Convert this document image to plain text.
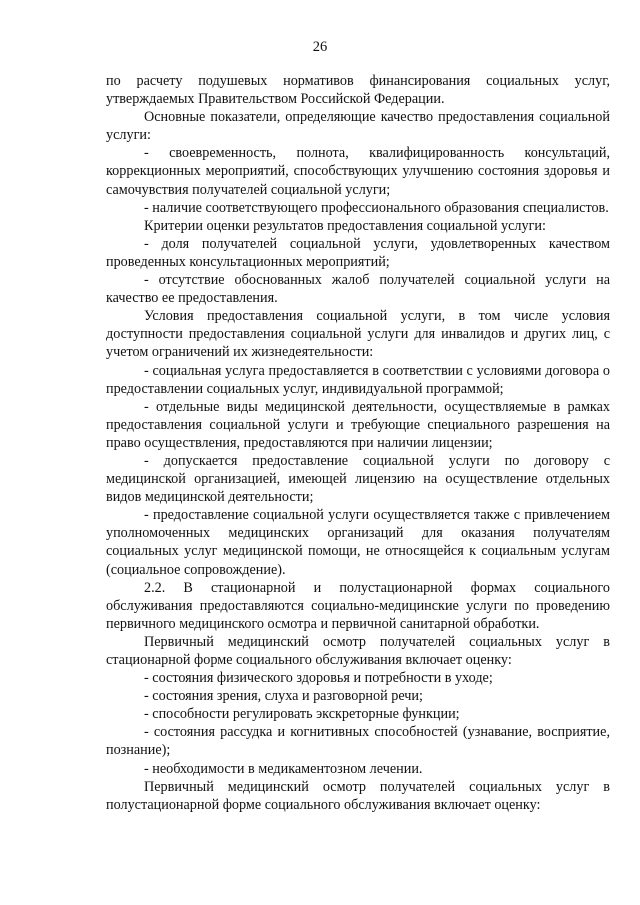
26

по расчету подушевых нормативов финансирования социальных услуг, утверждаемых Правительством Российской Федерации.

Основные показатели, определяющие качество предоставления социальной услуги:

- своевременность, полнота, квалифицированность консультаций, коррекционных мероприятий, способствующих улучшению состояния здоровья и самочувствия получателей социальной услуги;

- наличие соответствующего профессионального образования специалистов.

Критерии оценки результатов предоставления социальной услуги:

- доля получателей социальной услуги, удовлетворенных качеством проведенных консультационных мероприятий;

- отсутствие обоснованных жалоб получателей социальной услуги на качество ее предоставления.

Условия предоставления социальной услуги, в том числе условия доступности предоставления социальной услуги для инвалидов и других лиц, с учетом ограничений их жизнедеятельности:

- социальная услуга предоставляется в соответствии с условиями договора о предоставлении социальных услуг, индивидуальной программой;

- отдельные виды медицинской деятельности, осуществляемые в рамках предоставления социальной услуги и требующие специального разрешения на право осуществления, предоставляются при наличии лицензии;

- допускается предоставление социальной услуги по договору с медицинской организацией, имеющей лицензию на осуществление отдельных видов медицинской деятельности;

- предоставление социальной услуги осуществляется также с привлечением уполномоченных медицинских организаций для оказания получателям социальных услуг медицинской помощи, не относящейся к социальным услугам (социальное сопровождение).

2.2. В стационарной и полустационарной формах социального обслуживания предоставляются социально-медицинские услуги по проведению первичного медицинского осмотра и первичной санитарной обработки.

Первичный медицинский осмотр получателей социальных услуг в стационарной форме социального обслуживания включает оценку:

- состояния физического здоровья и потребности в уходе;

- состояния зрения, слуха и разговорной речи;

- способности регулировать экскреторные функции;

- состояния рассудка и когнитивных способностей (узнавание, восприятие, познание);

- необходимости в медикаментозном лечении.

Первичный медицинский осмотр получателей социальных услуг в полустационарной форме социального обслуживания включает оценку:
